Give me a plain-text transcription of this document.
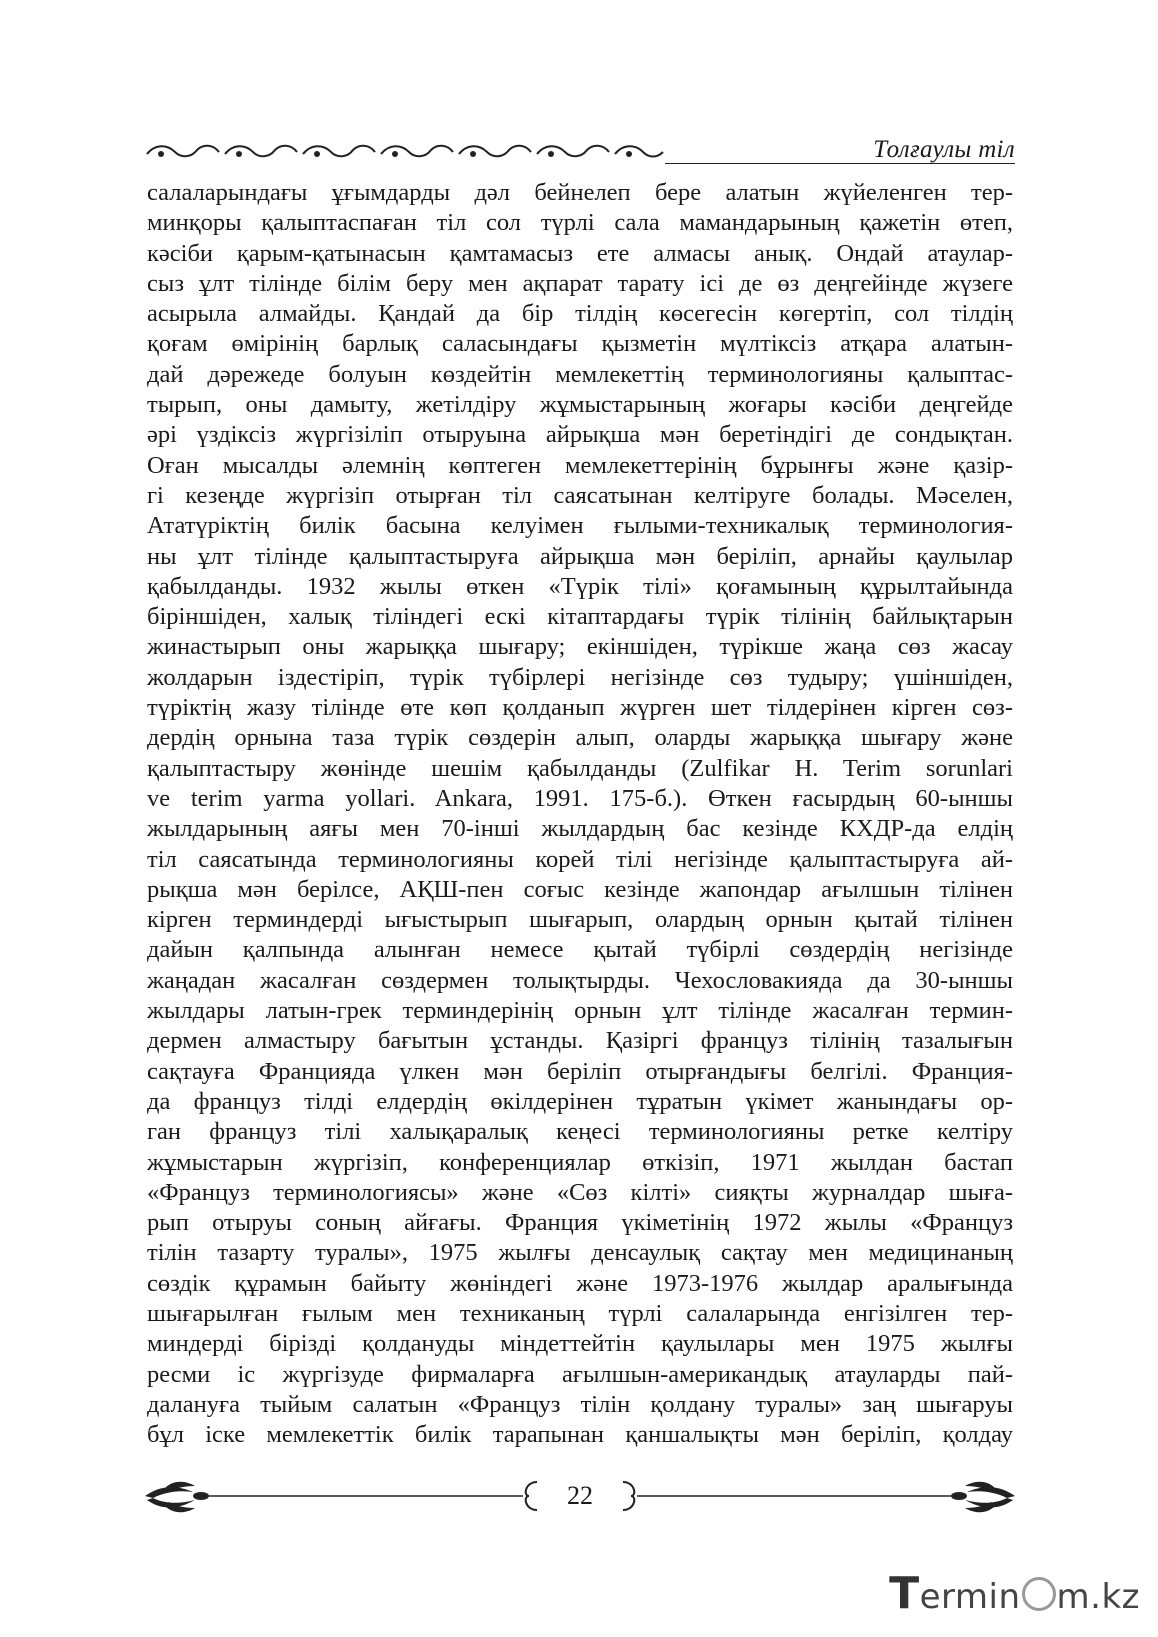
Толғаулы тіл

салаларындағы ұғымдарды дәл бейнелеп бере алатын жүйеленген тер-
минқоры қалыптаспаған тіл сол түрлі сала мамандарының қажетін өтеп,
кәсіби қарым-қатынасын қамтамасыз ете алмасы анық. Ондай атаулар-
сыз ұлт тілінде білім беру мен ақпарат тарату ісі де өз деңгейінде жүзеге
асырыла алмайды. Қандай да бір тілдің көсегесін көгертіп, сол тілдің
қоғам өмірінің барлық саласындағы қызметін мүлтіксіз атқара алатын-
дай дәрежеде болуын көздейтін мемлекеттің терминологияны қалыптас-
тырып, оны дамыту, жетілдіру жұмыстарының жоғары кәсіби деңгейде
әрі үздіксіз жүргізіліп отыруына айрықша мән беретіндігі де сондықтан.
Оған мысалды әлемнің көптеген мемлекеттерінің бұрынғы және қазір-
гі кезеңде жүргізіп отырған тіл саясатынан келтіруге болады. Мәселен,
Ататүріктің билік басына келуімен ғылыми-техникалық терминология-
ны ұлт тілінде қалыптастыруға айрықша мән беріліп, арнайы қаулылар
қабылданды. 1932 жылы өткен «Түрік тілі» қоғамының құрылтайында
біріншіден, халық тіліндегі ескі кітаптардағы түрік тілінің байлықтарын
жинастырып оны жарыққа шығару; екіншіден, түрікше жаңа сөз жасау
жолдарын іздестіріп, түрік түбірлері негізінде сөз тудыру; үшіншіден,
түріктің жазу тілінде өте көп қолданып жүрген шет тілдерінен кірген сөз-
дердің орнына таза түрік сөздерін алып, оларды жарыққа шығару және
қалыптастыру жөнінде шешім қабылданды (Zulfikar H. Terim sorunlari
ve terim yarma yollari. Ankara, 1991. 175-б.). Өткен ғасырдың 60-ыншы
жылдарының аяғы мен 70-інші жылдардың бас кезінде КХДР-да елдің
тіл саясатында терминологияны корей тілі негізінде қалыптастыруға ай-
рықша мән берілсе, АҚШ-пен соғыс кезінде жапондар ағылшын тілінен
кірген терминдерді ығыстырып шығарып, олардың орнын қытай тілінен
дайын қалпында алынған немесе қытай түбірлі сөздердің негізінде
жаңадан жасалған сөздермен толықтырды. Чехословакияда да 30-ыншы
жылдары латын-грек терминдерінің орнын ұлт тілінде жасалған термин-
дермен алмастыру бағытын ұстанды. Қазіргі француз тілінің тазалығын
сақтауға Францияда үлкен мән беріліп отырғандығы белгілі. Франция-
да француз тілді елдердің өкілдерінен тұратын үкімет жанындағы ор-
ган француз тілі халықаралық кеңесі терминологияны ретке келтіру
жұмыстарын жүргізіп, конференциялар өткізіп, 1971 жылдан бастап
«Француз терминологиясы» және «Сөз кілті» сияқты журналдар шыға-
рып отыруы соның айғағы. Франция үкіметінің 1972 жылы «Француз
тілін тазарту туралы», 1975 жылғы денсаулық сақтау мен медицинаның
сөздік құрамын байыту жөніндегі және 1973-1976 жылдар аралығында
шығарылған ғылым мен техниканың түрлі салаларында енгізілген тер-
миндерді бірізді қолдануды міндеттейтін қаулылары мен 1975 жылғы
ресми іс жүргізуде фирмаларға ағылшын-американдық атауларды пай-
далануға тыйым салатын «Француз тілін қолдану туралы» заң шығаруы
бұл іске мемлекеттік билік тарапынан қаншалықты мән беріліп, қолдау

22
Termin m.kz
